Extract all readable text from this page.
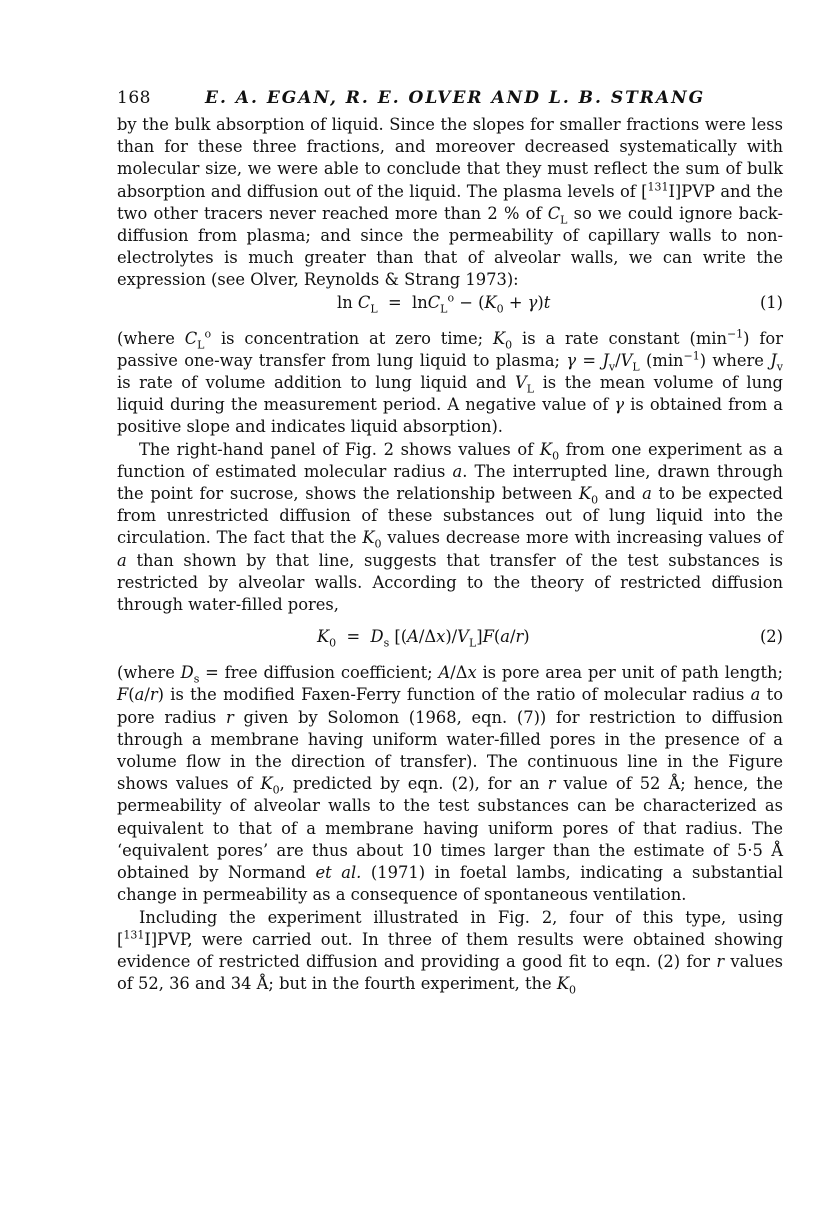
168	E. A. EGAN, R. E. OLVER AND L. B. STRANG

by the bulk absorption of liquid. Since the slopes for smaller fractions were less than for these three fractions, and moreover decreased systematically with molecular size, we were able to conclude that they must reflect the sum of bulk absorption and diffusion out of the liquid. The plasma levels of [$^{131}$I]PVP and the two other tracers never reached more than 2 % of $C_L$ so we could ignore back-diffusion from plasma; and since the permeability of capillary walls to non-electrolytes is much greater than that of alveolar walls, we can write the expression (see Olver, Reynolds & Strang 1973):

$\ln C_L = \ln C_L^o - (K_0 + \gamma)t$	(1)

(where $C_L^o$ is concentration at zero time; $K_0$ is a rate constant $(\min^{-1})$ for passive one-way transfer from lung liquid to plasma; $\gamma = J_v/V_L$ $(\min^{-1})$ where $J_v$ is rate of volume addition to lung liquid and $V_L$ is the mean volume of lung liquid during the measurement period. A negative value of γ is obtained from a positive slope and indicates liquid absorption).

The right-hand panel of Fig. 2 shows values of $K_0$ from one experiment as a function of estimated molecular radius a. The interrupted line, drawn through the point for sucrose, shows the relationship between $K_0$ and a to be expected from unrestricted diffusion of these substances out of lung liquid into the circulation. The fact that the $K_0$ values decrease more with increasing values of a than shown by that line, suggests that transfer of the test substances is restricted by alveolar walls. According to the theory of restricted diffusion through water-filled pores,

$K_0 = D_s$ $[(A/\Delta x)/V_L]F(a/r)$	(2)

(where $D_s$ = free diffusion coefficient; A/Δx is pore area per unit of path length; F(a/r) is the modified Faxen-Ferry function of the ratio of molecular radius a to pore radius r given by Solomon (1968, eqn. (7)) for restriction to diffusion through a membrane having uniform water-filled pores in the presence of a volume flow in the direction of transfer). The continuous line in the Figure shows values of $K_0$, predicted by eqn. (2), for an r value of 52 Å; hence, the permeability of alveolar walls to the test substances can be characterized as equivalent to that of a membrane having uniform pores of that radius. The ‘equivalent pores’ are thus about 10 times larger than the estimate of 5·5 Å obtained by Normand et al. (1971) in foetal lambs, indicating a substantial change in permeability as a consequence of spontaneous ventilation.

Including the experiment illustrated in Fig. 2, four of this type, using [$^{131}$I]PVP, were carried out. In three of them results were obtained showing evidence of restricted diffusion and providing a good fit to eqn. (2) for r values of 52, 36 and 34 Å; but in the fourth experiment, the $K_0$
